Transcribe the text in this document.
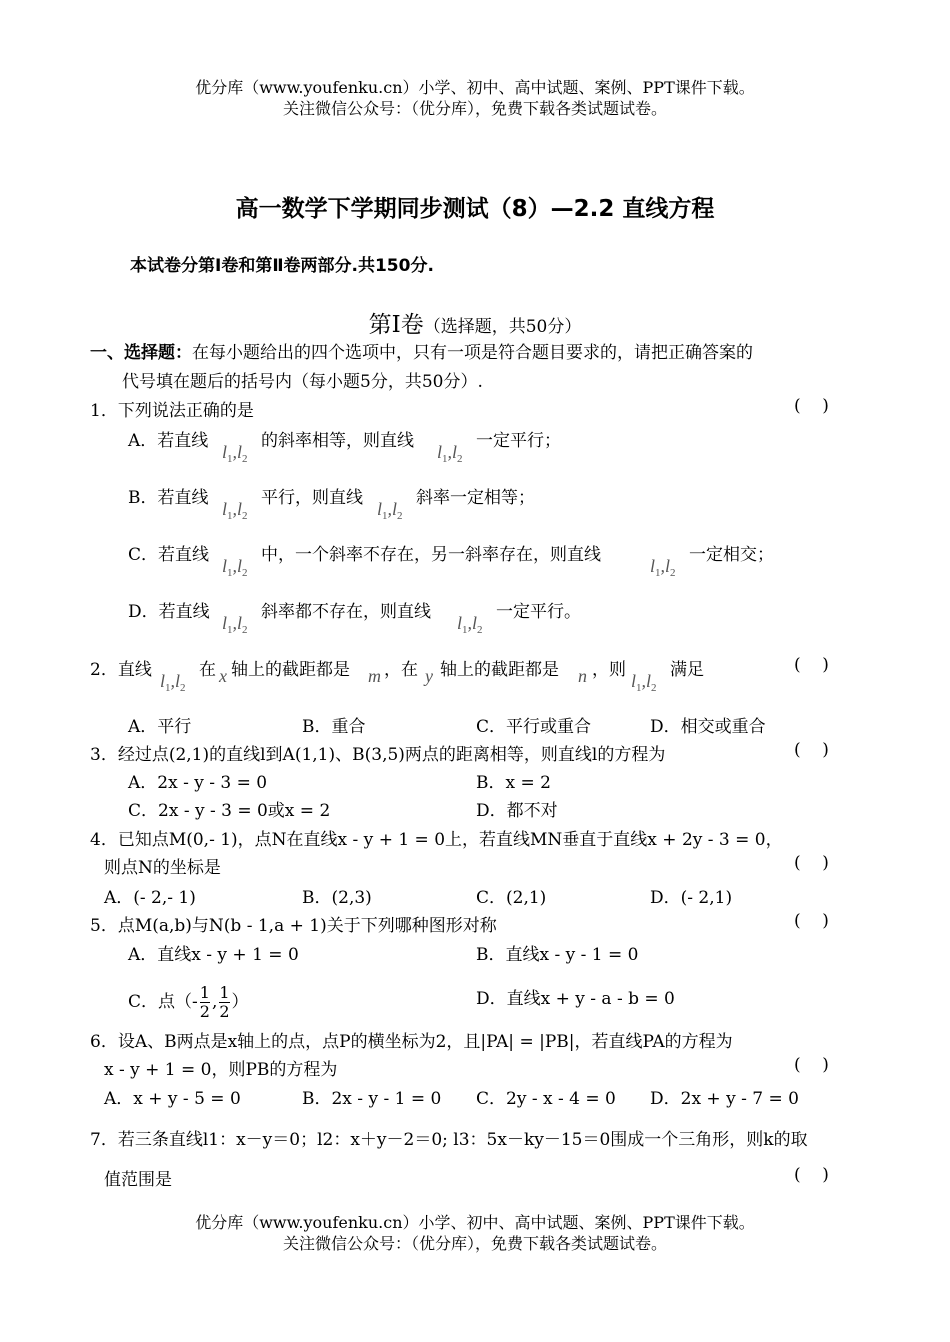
优分库（www.youfenku.cn）小学、初中、高中试题、案例、PPT课件下载。
关注微信公众号：（优分库），免费下载各类试题试卷。
高一数学下学期同步测试（8）—2.2 直线方程
本试卷分第Ⅰ卷和第Ⅱ卷两部分.共150分.
第Ⅰ卷（选择题，共50分）
一、选择题：在每小题给出的四个选项中，只有一项是符合题目要求的，请把正确答案的
代号填在题后的括号内（每小题5分，共50分）.
1．下列说法正确的是	(    )
A．若直线
$l_1,l_2$
的斜率相等，则直线
$l_1,l_2$
一定平行；
B．若直线
$l_1,l_2$
平行，则直线
$l_1,l_2$
斜率一定相等；
C．若直线
$l_1,l_2$
中，一个斜率不存在，另一斜率存在，则直线
$l_1,l_2$
一定相交；
D．若直线
$l_1,l_2$
斜率都不存在，则直线
$l_1,l_2$
一定平行。
2．直线
$l_1,l_2$
在 x 轴上的截距都是 m ，在 y 轴上的截距都是 n ，则
$l_1,l_2$
满足	(    )
A．平行	B．重合	C．平行或重合	D．相交或重合
3．经过点(2,1)的直线l到A(1,1)、B(3,5)两点的距离相等，则直线l的方程为	(    )
A．2x - y - 3 = 0	B．x = 2
C．2x - y - 3 = 0或x = 2	D．都不对
4．已知点M(0,- 1)，点N在直线x - y + 1 = 0上，若直线MN垂直于直线x + 2y - 3 = 0，
则点N的坐标是	(    )
A．(- 2,- 1)	B．(2,3)	C．(2,1)	D．(- 2,1)
5．点M(a,b)与N(b - 1,a + 1)关于下列哪种图形对称	(    )
A．直线x - y + 1 = 0	B．直线x - y - 1 = 0
C．点（- $\frac{1}{2}$ , $\frac{1}{2}$ ）	D．直线x + y - a - b = 0
6．设A、B两点是x轴上的点，点P的横坐标为2，且|PA| = |PB|，若直线PA的方程为
x - y + 1 = 0，则PB的方程为	(    )
A．x + y - 5 = 0	B．2x - y - 1 = 0 C．2y - x - 4 = 0 D．2x + y - 7 = 0
7．若三条直线l1：x－y＝0；l2：x＋y－2＝0; l3：5x－ky－15＝0围成一个三角形，则k的取
值范围是	(    )
优分库（www.youfenku.cn）小学、初中、高中试题、案例、PPT课件下载。
关注微信公众号：（优分库），免费下载各类试题试卷。
